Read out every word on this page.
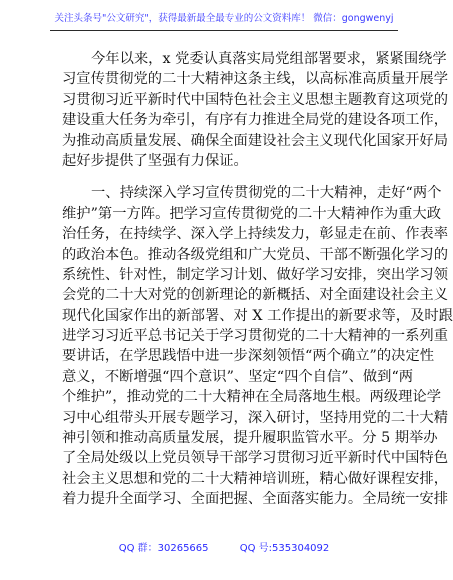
关注头条号"公文研究"，获得最新最全最专业的公文资料库！ 微信：gongwenyj
今年以来，x 党委认真落实局党组部署要求，紧紧围绕学
习宣传贯彻党的二十大精神这条主线，以高标准高质量开展学
习贯彻习近平新时代中国特色社会主义思想主题教育这项党的
建设重大任务为牵引，有序有力推进全局党的建设各项工作，
为推动高质量发展、确保全面建设社会主义现代化国家开好局
起好步提供了坚强有力保证。
一、持续深入学习宣传贯彻党的二十大精神，走好“两个
维护”第一方阵。把学习宣传贯彻党的二十大精神作为重大政
治任务，在持续学、深入学上持续发力，彰显走在前、作表率
的政治本色。推动各级党组和广大党员、干部不断强化学习的
系统性、针对性，制定学习计划、做好学习安排，突出学习领
会党的二十大对党的创新理论的新概括、对全面建设社会主义
现代化国家作出的新部署、对 X 工作提出的新要求等，及时跟
进学习习近平总书记关于学习贯彻党的二十大精神的一系列重
要讲话，在学思践悟中进一步深刻领悟“两个确立”的决定性
意义，不断增强“四个意识”、坚定“四个自信”、做到“两
个维护”，推动党的二十大精神在全局落地生根。两级理论学
习中心组带头开展专题学习，深入研讨，坚持用党的二十大精
神引领和推动高质量发展，提升履职监管水平。分 5 期举办
了全局处级以上党员领导干部学习贯彻习近平新时代中国特色
社会主义思想和党的二十大精神培训班，精心做好课程安排，
着力提升全面学习、全面把握、全面落实能力。全局统一安排
QQ 群：30265665	QQ 号:535304092
